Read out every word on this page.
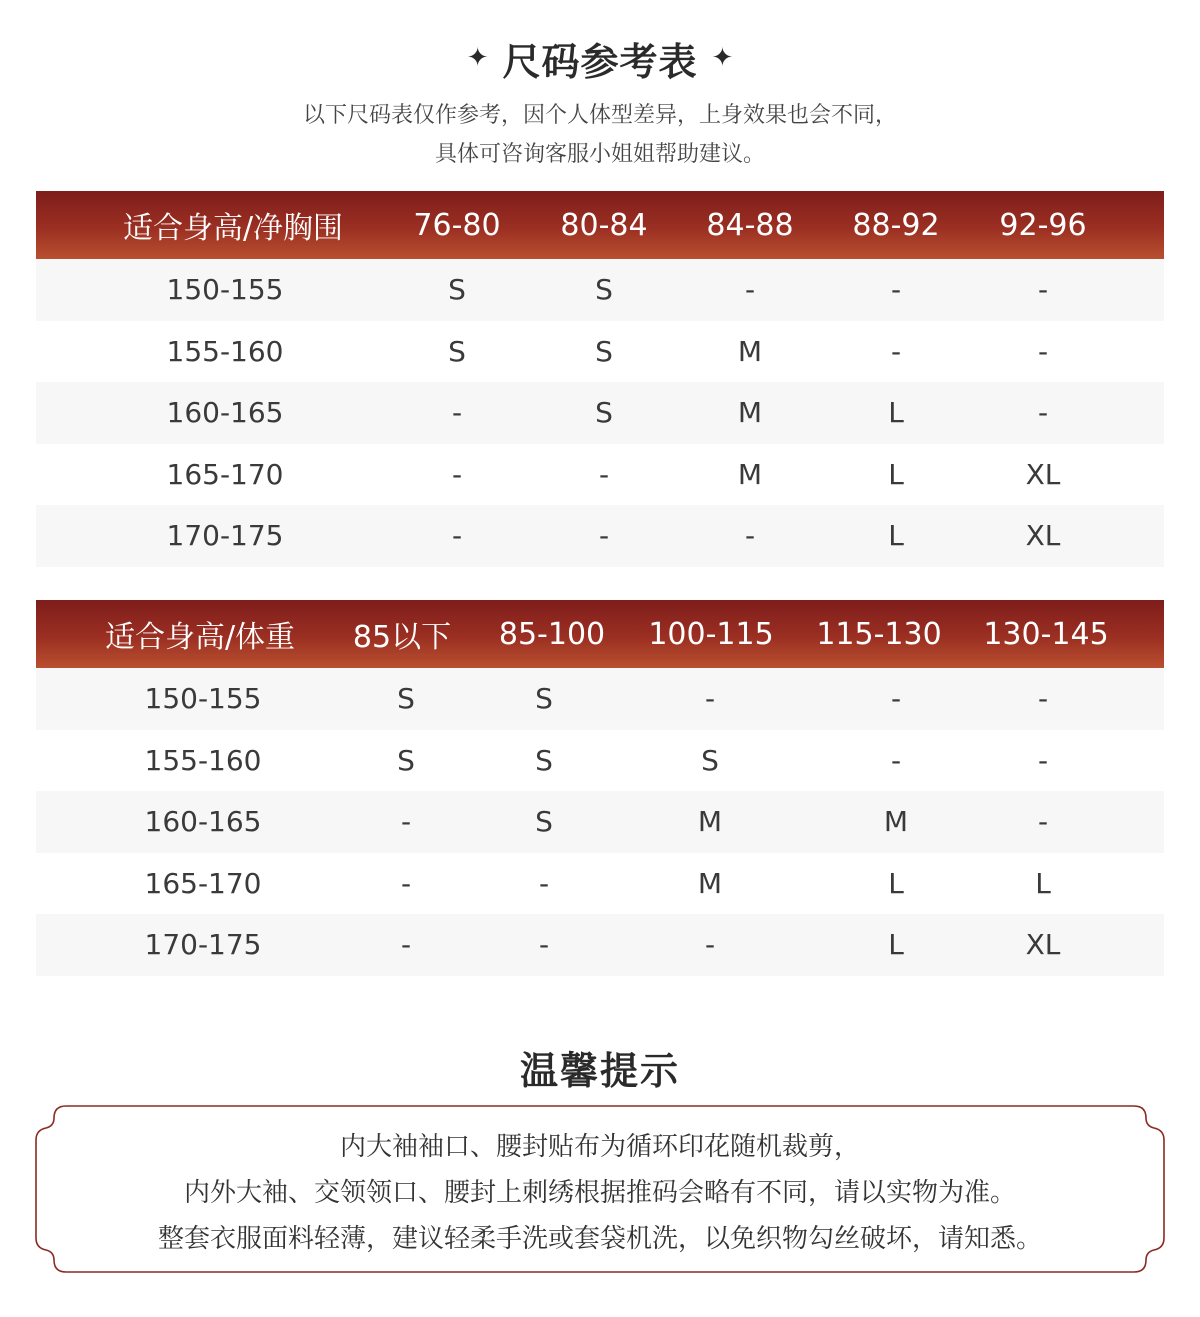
✦ 尺码参考表 ✦
以下尺码表仅作参考，因个人体型差异，上身效果也会不同，
具体可咨询客服小姐姐帮助建议。
适合身高/净胸围 76-80 80-84 84-88 88-92 92-96
150-155	S	S	-	-	-
155-160	S	S	M	-	-
160-165	-	S	M	L	-
165-170	-	-	M	L	XL
170-175	-	-	-	L	XL
适合身高/体重 85以下 85-100 100-115 115-130 130-145
150-155	S	S	-	-	-
155-160	S	S	S	-	-
160-165	-	S	M	M	-
165-170	-	-	M	L	L
170-175	-	-	-	L	XL
温馨提示
内大袖袖口、腰封贴布为循环印花随机裁剪，
内外大袖、交领领口、腰封上刺绣根据推码会略有不同，请以实物为准。
整套衣服面料轻薄，建议轻柔手洗或套袋机洗，以免织物勾丝破坏，请知悉。
